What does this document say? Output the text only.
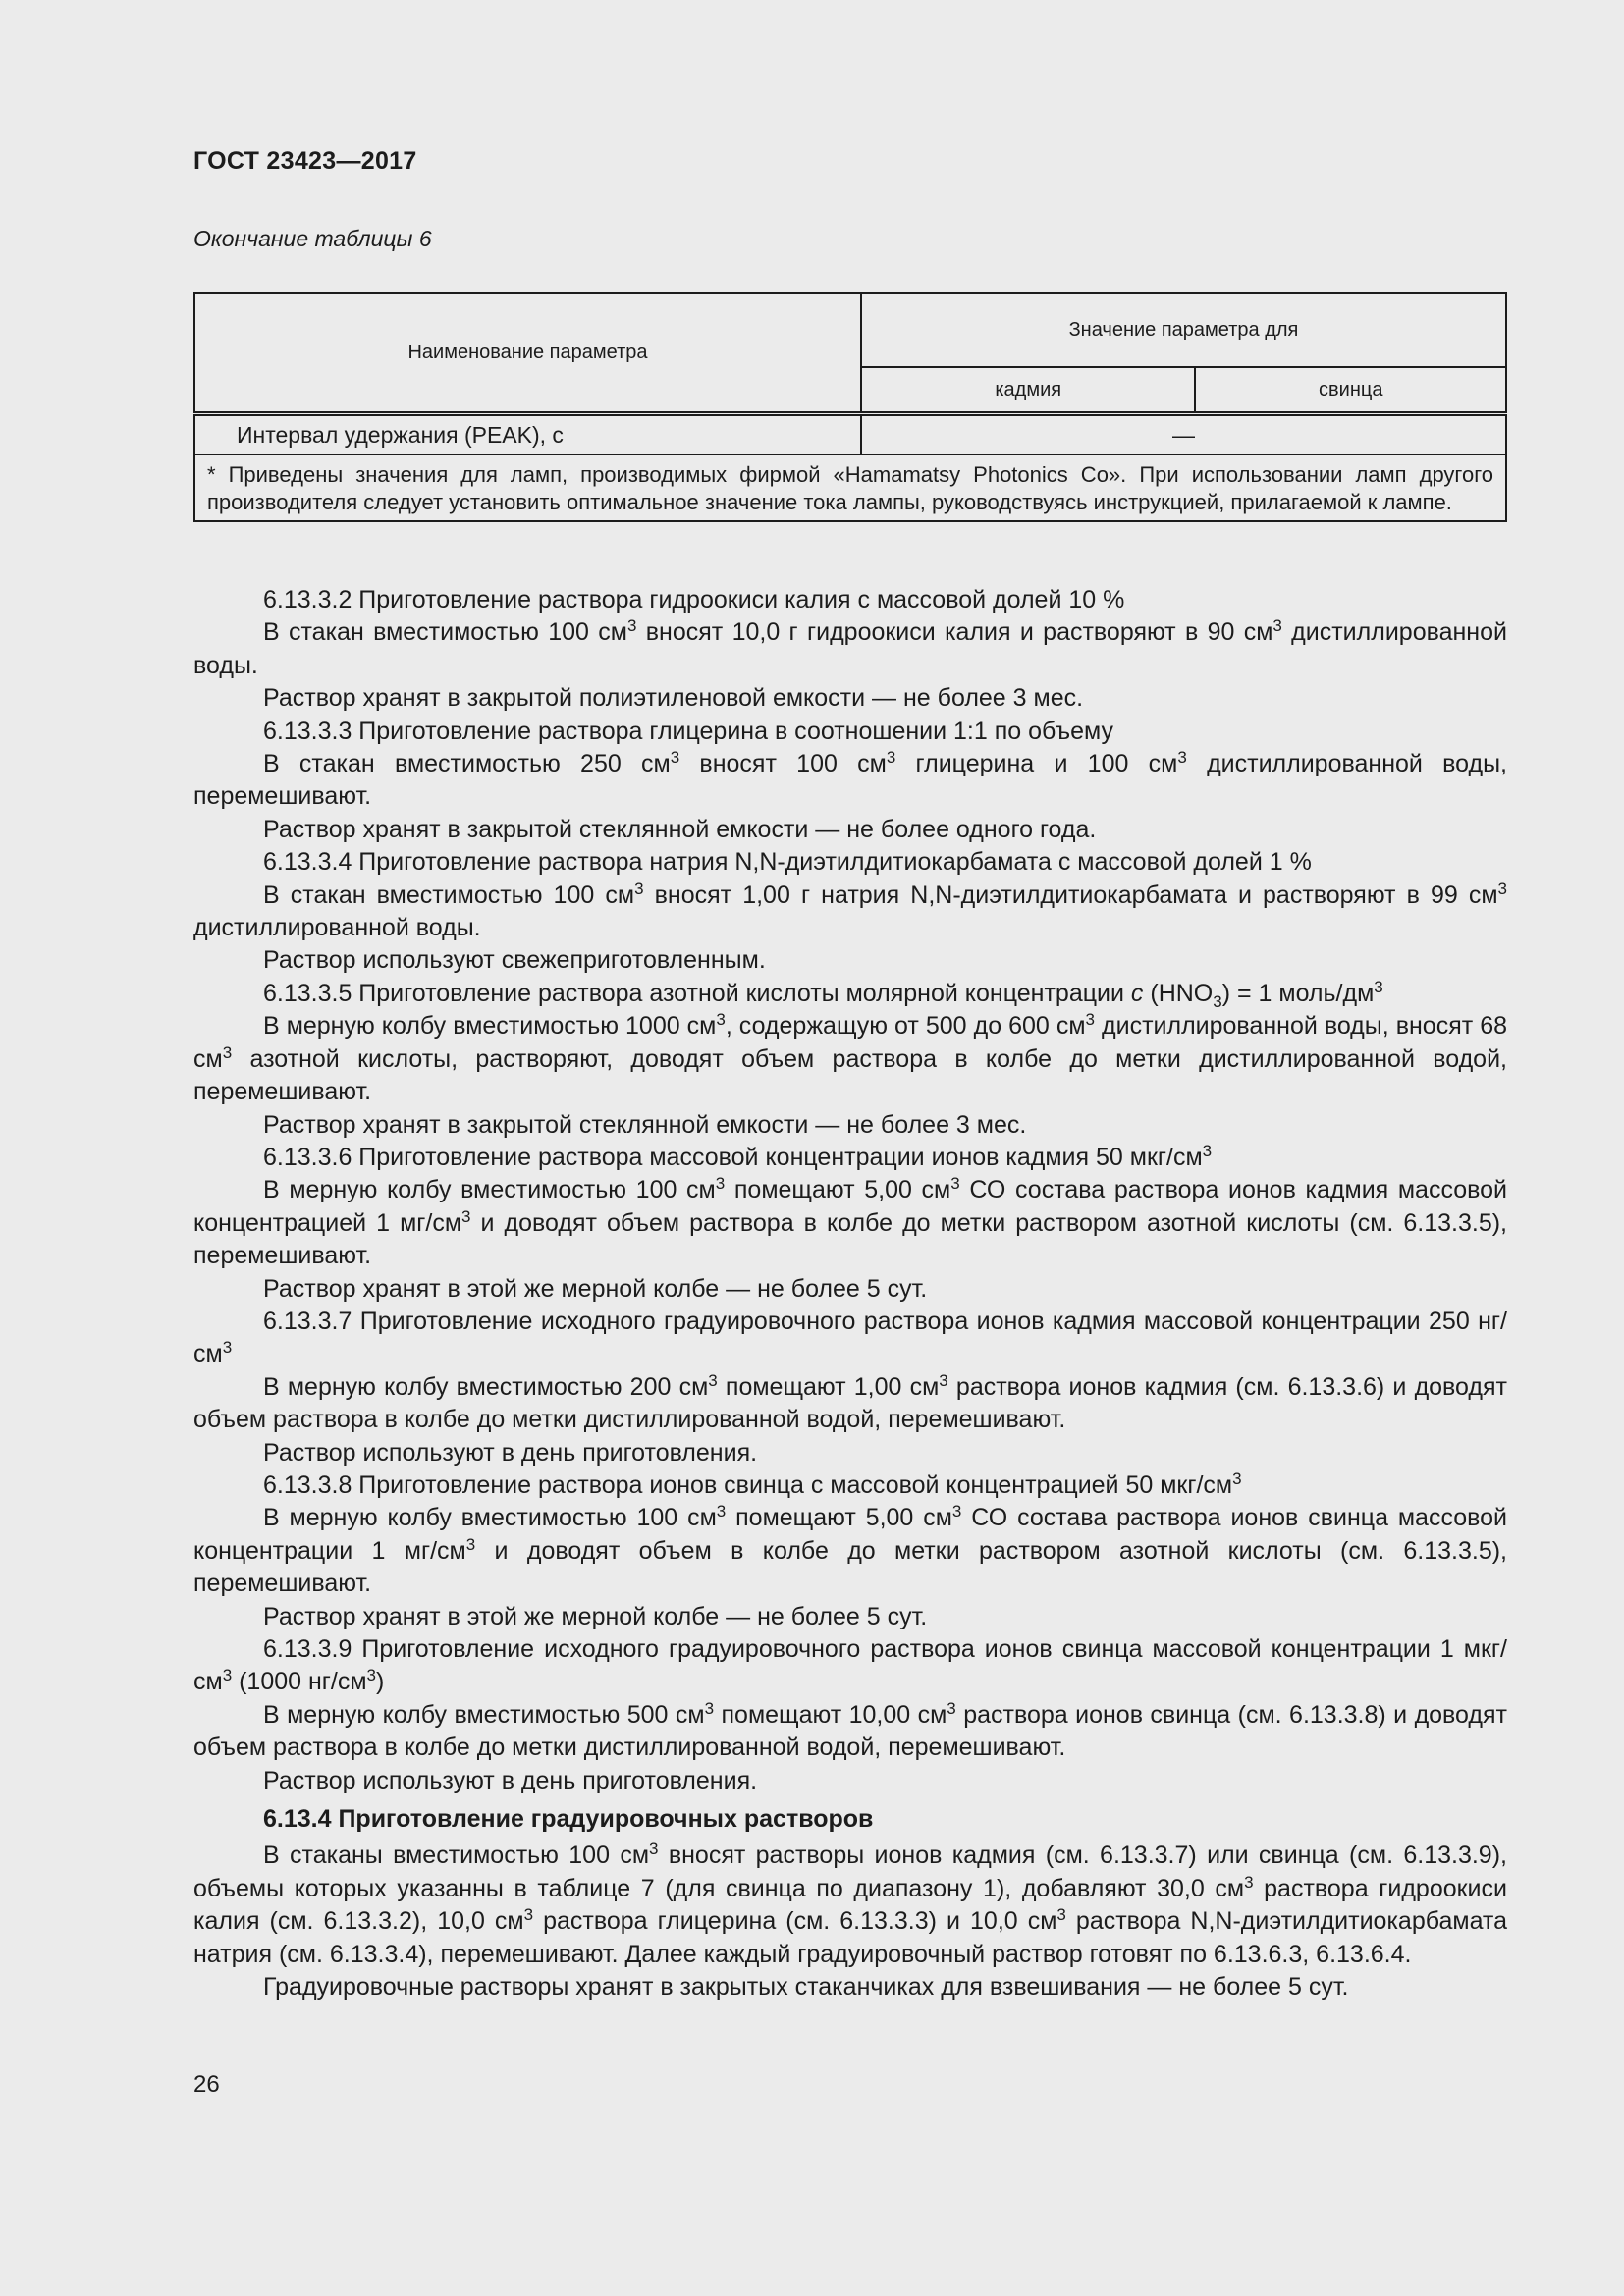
ГОСТ 23423—2017
Окончание таблицы 6
Наименование параметра	Значение параметра для	
	кадмия	свинца
Интервал удержания (PEAK), с	—	
* Приведены значения для ламп, производимых фирмой «Hamamatsy Photonics Co». При использовании ламп другого производителя следует установить оптимальное значение тока лампы, руководствуясь инструкцией, прилагаемой к лампе.		

6.13.3.2 Приготовление раствора гидроокиси калия с массовой долей 10 %

В стакан вместимостью 100 $см^3$ вносят 10,0 г гидроокиси калия и растворяют в 90 $см^3$ дистиллированной воды.

Раствор хранят в закрытой полиэтиленовой емкости — не более 3 мес.

6.13.3.3 Приготовление раствора глицерина в соотношении 1:1 по объему

В стакан вместимостью 250 $см^3$ вносят 100 $см^3$ глицерина и 100 $см^3$ дистиллированной воды, перемешивают.

Раствор хранят в закрытой стеклянной емкости — не более одного года.

6.13.3.4 Приготовление раствора натрия N,N-диэтилдитиокарбамата с массовой долей 1 %

В стакан вместимостью 100 $см^3$ вносят 1,00 г натрия N,N-диэтилдитиокарбамата и растворяют в 99 $см^3$ дистиллированной воды.

Раствор используют свежеприготовленным.

6.13.3.5 Приготовление раствора азотной кислоты молярной концентрации c $(HNO_3) = 1$ моль/$дм^3$

В мерную колбу вместимостью 1000 $см^3$, содержащую от 500 до 600 $см^3$ дистиллированной воды, вносят 68 $см^3$ азотной кислоты, растворяют, доводят объем раствора в колбе до метки дистиллированной водой, перемешивают.

Раствор хранят в закрытой стеклянной емкости — не более 3 мес.

6.13.3.6 Приготовление раствора массовой концентрации ионов кадмия 50 мкг/$см^3$

В мерную колбу вместимостью 100 $см^3$ помещают 5,00 $см^3$ СО состава раствора ионов кадмия массовой концентрацией 1 $мг/см^3$ и доводят объем раствора в колбе до метки раствором азотной кислоты (см. 6.13.3.5), перемешивают.

Раствор хранят в этой же мерной колбе — не более 5 сут.

6.13.3.7 Приготовление исходного градуировочного раствора ионов кадмия массовой концентрации 250 $нг/см^3$

В мерную колбу вместимостью 200 $см^3$ помещают 1,00 $см^3$ раствора ионов кадмия (см. 6.13.3.6) и доводят объем раствора в колбе до метки дистиллированной водой, перемешивают.

Раствор используют в день приготовления.

6.13.3.8 Приготовление раствора ионов свинца с массовой концентрацией 50 мкг/$см^3$

В мерную колбу вместимостью 100 $см^3$ помещают 5,00 $см^3$ СО состава раствора ионов свинца массовой концентрации 1 $мг/см^3$ и доводят объем в колбе до метки раствором азотной кислоты (см. 6.13.3.5), перемешивают.

Раствор хранят в этой же мерной колбе — не более 5 сут.

6.13.3.9 Приготовление исходного градуировочного раствора ионов свинца массовой концентрации 1 мкг/$см^3$ (1000 $нг/см^3$)

В мерную колбу вместимостью 500 $см^3$ помещают 10,00 $см^3$ раствора ионов свинца (см. 6.13.3.8) и доводят объем раствора в колбе до метки дистиллированной водой, перемешивают.

Раствор используют в день приготовления.

6.13.4 Приготовление градуировочных растворов

В стаканы вместимостью 100 $см^3$ вносят растворы ионов кадмия (см. 6.13.3.7) или свинца (см. 6.13.3.9), объемы которых указанны в таблице 7 (для свинца по диапазону 1), добавляют 30,0 $см^3$ раствора гидроокиси калия (см. 6.13.3.2), 10,0 $см^3$ раствора глицерина (см. 6.13.3.3) и 10,0 $см^3$ раствора N,N-диэтилдитиокарбамата натрия (см. 6.13.3.4), перемешивают. Далее каждый градуировочный раствор готовят по 6.13.6.3, 6.13.6.4.

Градуировочные растворы хранят в закрытых стаканчиках для взвешивания — не более 5 сут.

26
